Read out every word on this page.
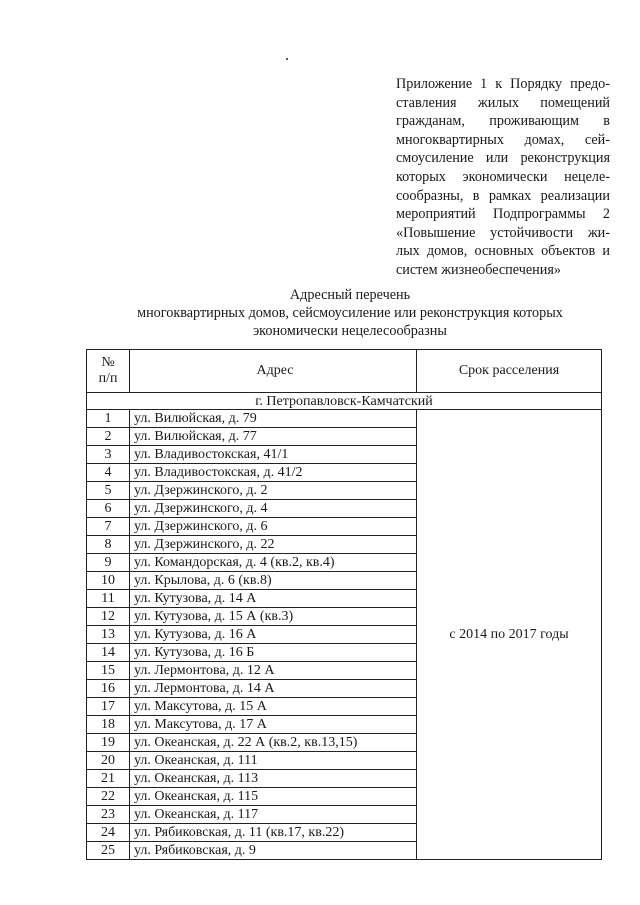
Приложение 1 к Порядку предо-
ставления жилых помещений
гражданам, проживающим в
многоквартирных домах, сей-
смоусиление или реконструкция
которых экономически нецеле-
сообразны, в рамках реализации
мероприятий Подпрограммы 2
«Повышение устойчивости жи-
лых домов, основных объектов и
систем жизнеобеспечения»
Адресный перечень
многоквартирных домов, сейсмоусиление или реконструкция которых
экономически нецелесообразны
№
п/п	Адрес	Срок расселения
г. Петропавловск-Камчатский		
1	ул. Вилюйская, д. 79	с 2014 по 2017 годы
2	ул. Вилюйская, д. 77	
3	ул. Владивостокская, 41/1	
4	ул. Владивостокская, д. 41/2	
5	ул. Дзержинского, д. 2	
6	ул. Дзержинского, д. 4	
7	ул. Дзержинского, д. 6	
8	ул. Дзержинского, д. 22	
9	ул. Командорская, д. 4 (кв.2, кв.4)	
10	ул. Крылова, д. 6 (кв.8)	
11	ул. Кутузова, д. 14 А	
12	ул. Кутузова, д. 15 А (кв.3)	
13	ул. Кутузова, д. 16 А	
14	ул. Кутузова, д. 16 Б	
15	ул. Лермонтова, д. 12 А	
16	ул. Лермонтова, д. 14 А	
17	ул. Максутова, д. 15 А	
18	ул. Максутова, д. 17 А	
19	ул. Океанская, д. 22 А (кв.2, кв.13,15)	
20	ул. Океанская, д. 111	
21	ул. Океанская, д. 113	
22	ул. Океанская, д. 115	
23	ул. Океанская, д. 117	
24	ул. Рябиковская, д. 11 (кв.17, кв.22)	
25	ул. Рябиковская, д. 9	
